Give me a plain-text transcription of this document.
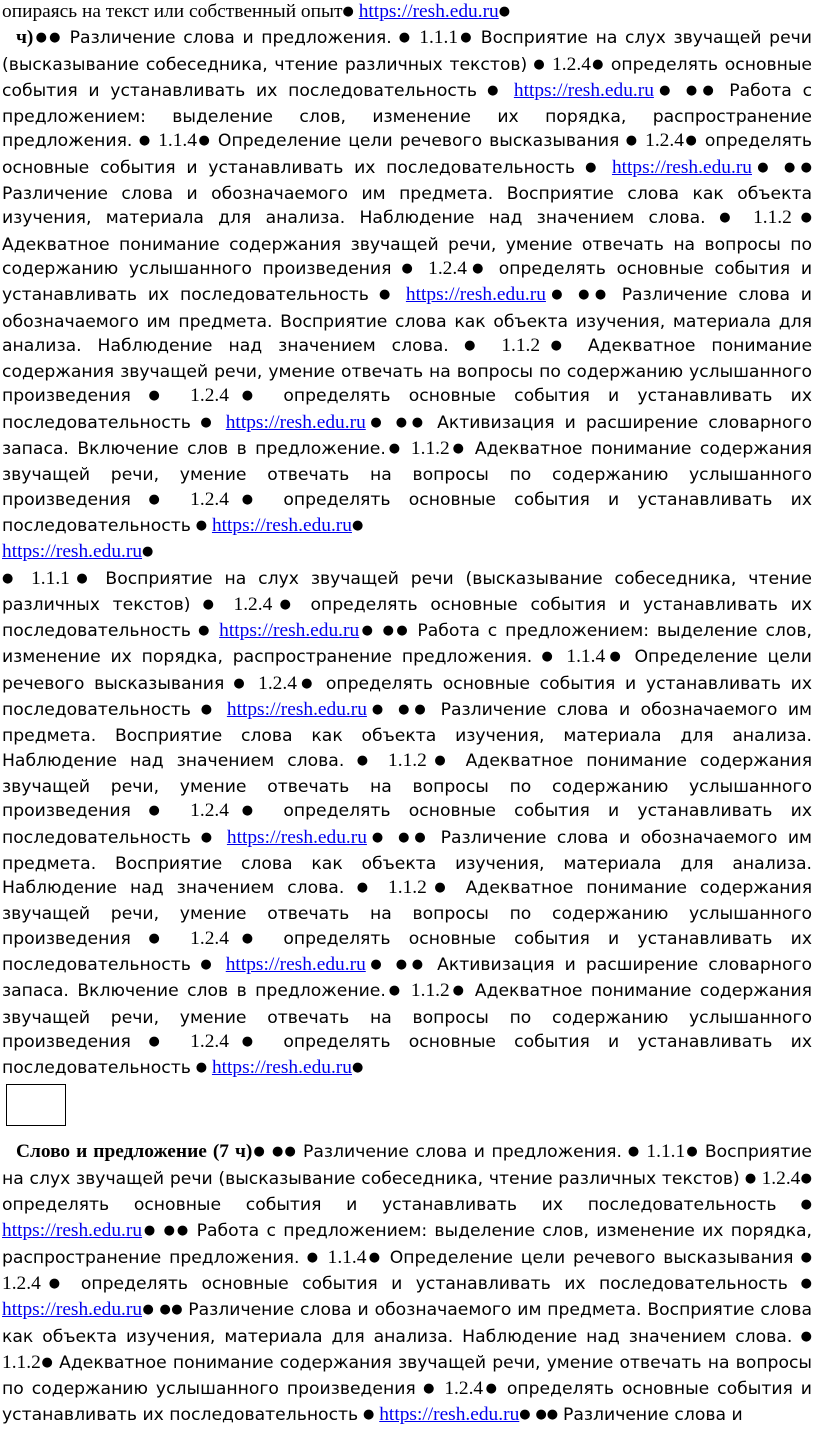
опираясь на текст или собственный опыт● https://resh.edu.ru●
ч)●● Различение слова и предложения. ● 1.1.1● Восприятие на слух звучащей речи (высказывание собеседника, чтение различных текстов) ● 1.2.4● определять основные события и устанавливать их последовательность ● https://resh.edu.ru● ●● Работа с предложением: выделение слов, изменение их порядка, распространение предложения. ● 1.1.4● Определение цели речевого высказывания ● 1.2.4● определять основные события и устанавливать их последовательность ● https://resh.edu.ru● ●● Различение слова и обозначаемого им предмета. Восприятие слова как объекта изучения, материала для анализа. Наблюдение над значением слова. ● 1.1.2● Адекватное понимание содержания звучащей речи, умение отвечать на вопросы по содержанию услышанного произведения ● 1.2.4● определять основные события и устанавливать их последовательность ● https://resh.edu.ru● ●● Различение слова и обозначаемого им предмета. Восприятие слова как объекта изучения, материала для анализа. Наблюдение над значением слова. ● 1.1.2● Адекватное понимание содержания звучащей речи, умение отвечать на вопросы по содержанию услышанного произведения ● 1.2.4● определять основные события и устанавливать их последовательность ● https://resh.edu.ru● ●● Активизация и расширение словарного запаса. Включение слов в предложение.● 1.1.2● Адекватное понимание содержания звучащей речи, умение отвечать на вопросы по содержанию услышанного произведения ● 1.2.4● определять основные события и устанавливать их последовательность ● https://resh.edu.ru●

https://resh.edu.ru●

● 1.1.1● Восприятие на слух звучащей речи (высказывание собеседника, чтение различных текстов) ● 1.2.4● определять основные события и устанавливать их последовательность ● https://resh.edu.ru● ●● Работа с предложением: выделение слов, изменение их порядка, распространение предложения. ● 1.1.4● Определение цели речевого высказывания ● 1.2.4● определять основные события и устанавливать их последовательность ● https://resh.edu.ru● ●● Различение слова и обозначаемого им предмета. Восприятие слова как объекта изучения, материала для анализа. Наблюдение над значением слова. ● 1.1.2● Адекватное понимание содержания звучащей речи, умение отвечать на вопросы по содержанию услышанного произведения ● 1.2.4● определять основные события и устанавливать их последовательность ● https://resh.edu.ru● ●● Различение слова и обозначаемого им предмета. Восприятие слова как объекта изучения, материала для анализа. Наблюдение над значением слова. ● 1.1.2● Адекватное понимание содержания звучащей речи, умение отвечать на вопросы по содержанию услышанного произведения ● 1.2.4● определять основные события и устанавливать их последовательность ● https://resh.edu.ru● ●● Активизация и расширение словарного запаса. Включение слов в предложение.● 1.1.2● Адекватное понимание содержания звучащей речи, умение отвечать на вопросы по содержанию услышанного произведения ● 1.2.4● определять основные события и устанавливать их последовательность ● https://resh.edu.ru●

Слово и предложение (7 ч)● ●● Различение слова и предложения. ● 1.1.1● Восприятие на слух звучащей речи (высказывание собеседника, чтение различных текстов) ● 1.2.4● определять основные события и устанавливать их последовательность ● https://resh.edu.ru● ●● Работа с предложением: выделение слов, изменение их порядка, распространение предложения. ● 1.1.4● Определение цели речевого высказывания ● 1.2.4● определять основные события и устанавливать их последовательность ● https://resh.edu.ru● ●● Различение слова и обозначаемого им предмета. Восприятие слова как объекта изучения, материала для анализа. Наблюдение над значением слова. ● 1.1.2● Адекватное понимание содержания звучащей речи, умение отвечать на вопросы по содержанию услышанного произведения ● 1.2.4● определять основные события и устанавливать их последовательность ● https://resh.edu.ru● ●● Различение слова и
